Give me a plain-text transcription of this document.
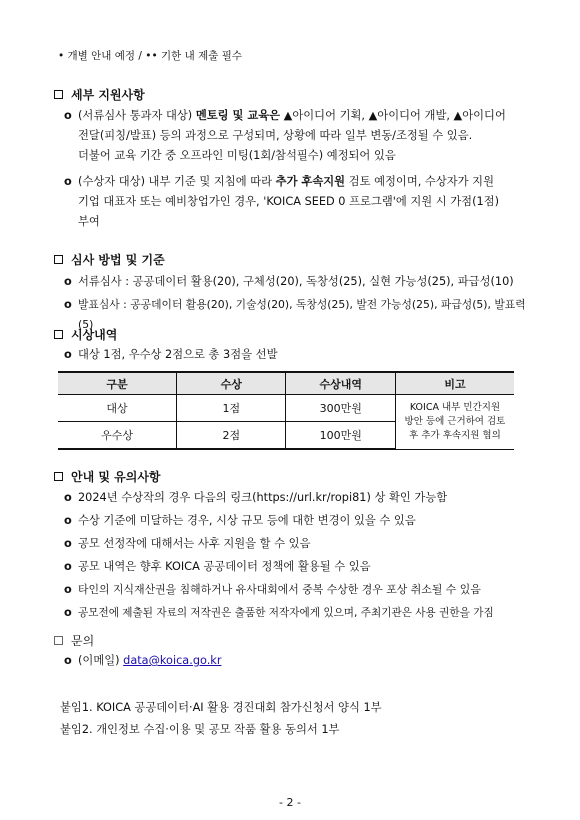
• 개별 안내 예정 / •• 기한 내 제출 필수
세부 지원사항
o (서류심사 통과자 대상) 멘토링 및 교육은 ▲아이디어 기획, ▲아이디어 개발, ▲아이디어
전달(피칭/발표) 등의 과정으로 구성되며, 상황에 따라 일부 변동/조정될 수 있음.
더불어 교육 기간 중 오프라인 미팅(1회/참석필수) 예정되어 있음
o (수상자 대상) 내부 기준 및 지침에 따라 추가 후속지원 검토 예정이며, 수상자가 지원
기업 대표자 또는 예비창업가인 경우, 'KOICA SEED 0 프로그램'에 지원 시 가점(1점)
부여
심사 방법 및 기준
o 서류심사 : 공공데이터 활용(20), 구체성(20), 독창성(25), 실현 가능성(25), 파급성(10)
o 발표심사 : 공공데이터 활용(20), 기술성(20), 독창성(25), 발전 가능성(25), 파급성(5), 발표력(5)
시상내역
o 대상 1점, 우수상 2점으로 총 3점을 선발
구분	수상	수상내역	비고
대상	1점	300만원	KOICA 내부 민간지원
방안 등에 근거하여 검토
후 추가 후속지원 협의

우수상	2점	100만원	
안내 및 유의사항
o 2024년 수상작의 경우 다음의 링크(https://url.kr/ropi81) 상 확인 가능함
o 수상 기준에 미달하는 경우, 시상 규모 등에 대한 변경이 있을 수 있음
o 공모 선정작에 대해서는 사후 지원을 할 수 있음
o 공모 내역은 향후 KOICA 공공데이터 정책에 활용될 수 있음
o 타인의 지식재산권을 침해하거나 유사대회에서 중복 수상한 경우 포상 취소될 수 있음
o 공모전에 제출된 자료의 저작권은 출품한 저작자에게 있으며, 주최기관은 사용 권한을 가짐
문의
o (이메일) data@koica.go.kr
붙임1. KOICA 공공데이터·AI 활용 경진대회 참가신청서 양식 1부
붙임2. 개인정보 수집·이용 및 공모 작품 활용 동의서 1부
- 2 -
